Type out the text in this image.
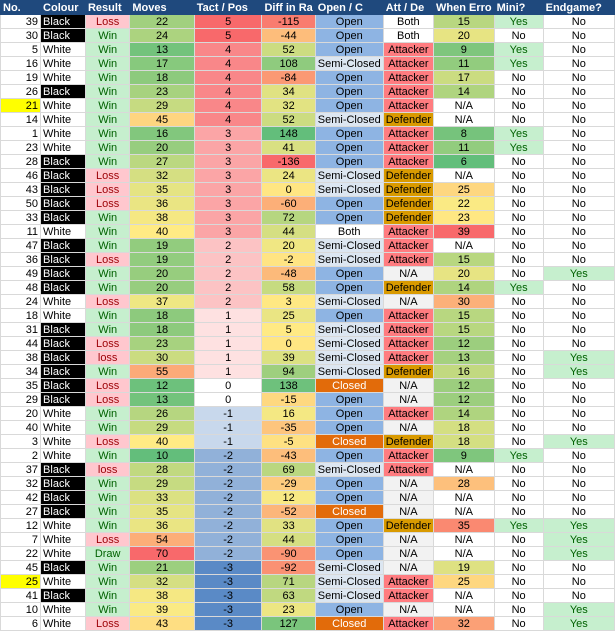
No.	Colour	Result	Moves	Tact / Pos	Diff in Ra	Open / C	Att / De	When Erro	Mini?	Endgame?
39	Black	Loss	22	5	-115	Open	Both	15	Yes	No
30	Black	Win	24	5	-44	Open	Both	20	No	No
5	White	Win	13	4	52	Open	Attacker	9	Yes	No
16	White	Win	17	4	108	Semi-Closed	Attacker	11	Yes	No
19	White	Win	18	4	-84	Open	Attacker	17	No	No
26	Black	Win	23	4	34	Open	Attacker	14	No	No
21	White	Win	29	4	32	Open	Attacker	N/A	No	No
14	White	Win	45	4	52	Semi-Closed	Defender	N/A	No	No
1	White	Win	16	3	148	Open	Attacker	8	Yes	No
23	White	Win	20	3	41	Open	Attacker	11	Yes	No
28	Black	Win	27	3	-136	Open	Attacker	6	No	No
46	Black	Loss	32	3	24	Semi-Closed	Defender	N/A	No	No
43	Black	Loss	35	3	0	Semi-Closed	Defender	25	No	No
50	Black	Loss	36	3	-60	Open	Defender	22	No	No
33	Black	Win	38	3	72	Open	Defender	23	No	No
11	White	Win	40	3	44	Both	Attacker	39	No	No
47	Black	Win	19	2	20	Semi-Closed	Attacker	N/A	No	No
36	Black	Loss	19	2	-2	Semi-Closed	Attacker	15	No	No
49	Black	Win	20	2	-48	Open	N/A	20	No	Yes
48	Black	Win	20	2	58	Open	Defender	14	Yes	No
24	White	Loss	37	2	3	Semi-Closed	N/A	30	No	No
18	White	Win	18	1	25	Open	Attacker	15	No	No
31	Black	Win	18	1	5	Semi-Closed	Attacker	15	No	No
44	Black	Loss	23	1	0	Semi-Closed	Attacker	12	No	No
38	Black	loss	30	1	39	Semi-Closed	Attacker	13	No	Yes
34	Black	Win	55	1	94	Semi-Closed	Defender	16	No	Yes
35	Black	Loss	12	0	138	Closed	N/A	12	No	No
29	Black	Loss	13	0	-15	Open	N/A	12	No	No
20	White	Win	26	-1	16	Open	Attacker	14	No	No
40	White	Win	29	-1	-35	Open	N/A	18	No	No
3	White	Loss	40	-1	-5	Closed	Defender	18	No	Yes
2	White	Win	10	-2	-43	Open	Attacker	9	Yes	No
37	Black	loss	28	-2	69	Semi-Closed	Attacker	N/A	No	No
32	Black	Win	29	-2	-29	Open	N/A	28	No	No
42	Black	Win	33	-2	12	Open	N/A	N/A	No	No
27	Black	Win	35	-2	-52	Closed	N/A	N/A	No	No
12	White	Win	36	-2	33	Open	Defender	35	Yes	Yes
7	White	Loss	54	-2	44	Open	N/A	N/A	No	Yes
22	White	Draw	70	-2	-90	Open	N/A	N/A	No	Yes
45	Black	Win	21	-3	-92	Semi-Closed	N/A	19	No	No
25	White	Win	32	-3	71	Semi-Closed	Attacker	25	No	No
41	Black	Win	38	-3	63	Semi-Closed	Attacker	N/A	No	No
10	White	Win	39	-3	23	Open	N/A	N/A	No	Yes
6	White	Loss	43	-3	127	Closed	Attacker	32	No	Yes
